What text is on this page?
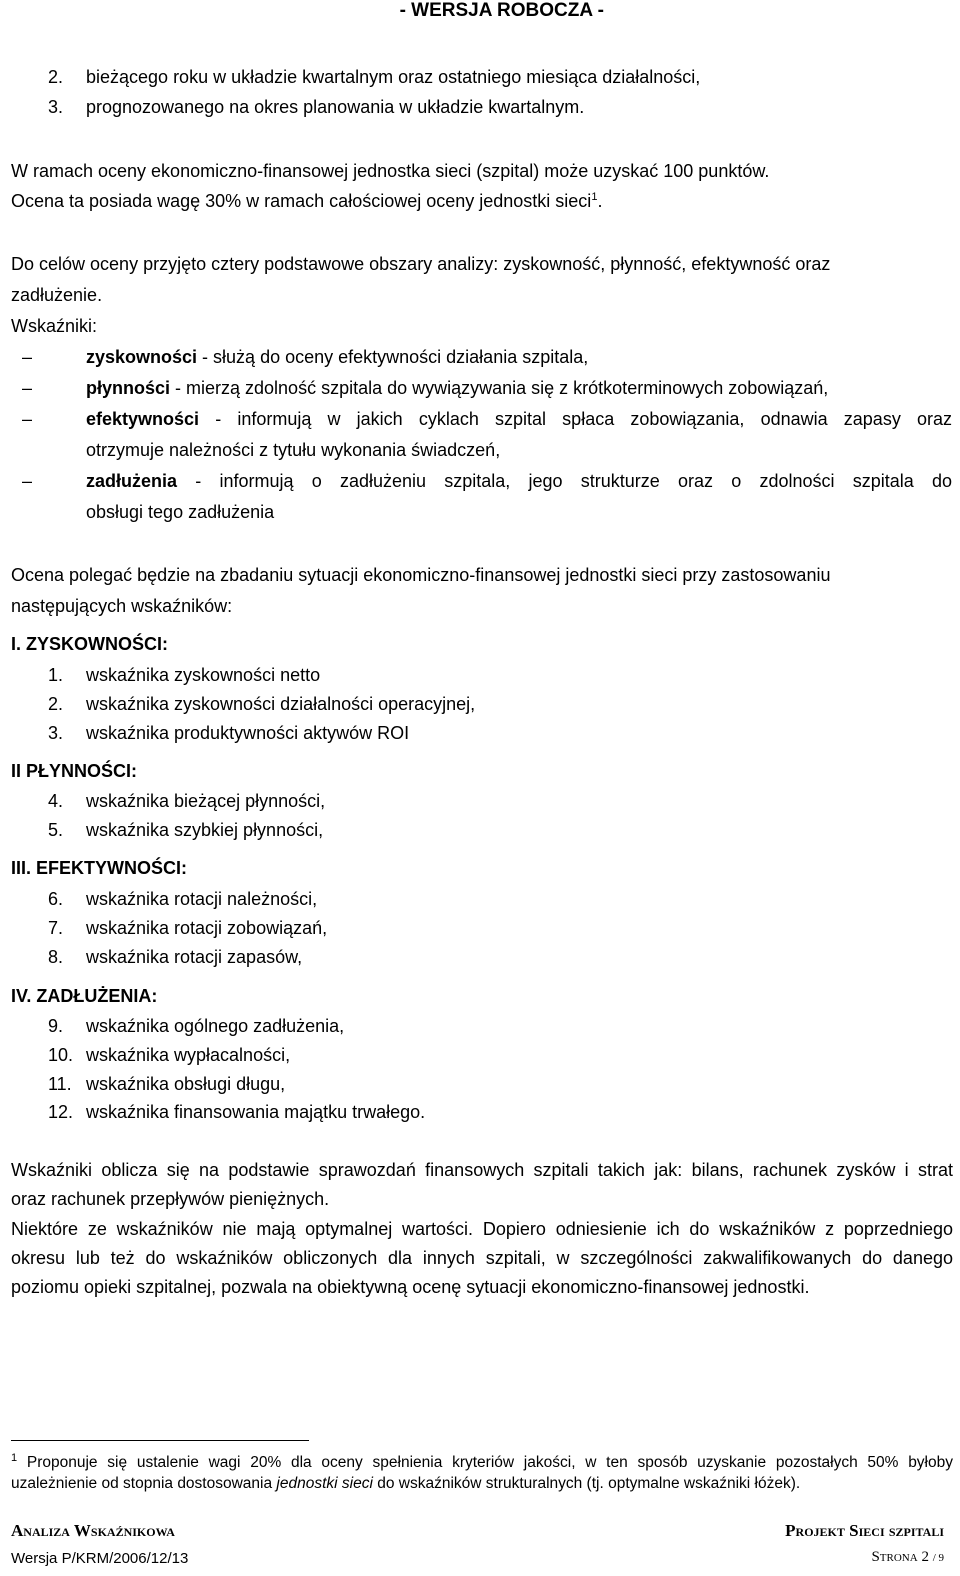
- WERSJA ROBOCZA -
2. bieżącego roku w układzie kwartalnym oraz ostatniego miesiąca działalności,
3. prognozowanego na okres planowania w układzie kwartalnym.
W ramach oceny ekonomiczno-finansowej jednostka sieci (szpital) może uzyskać 100 punktów.
Ocena ta posiada wagę 30% w ramach całościowej oceny jednostki sieci$^1$.
Do celów oceny przyjęto cztery podstawowe obszary analizy: zyskowność, płynność, efektywność oraz
zadłużenie.
Wskaźniki:
–	zyskowności - służą do oceny efektywności działania szpitala,
–	płynności - mierzą zdolność szpitala do wywiązywania się z krótkoterminowych zobowiązań,
–	efektywności - informują w jakich cyklach szpital spłaca zobowiązania, odnawia zapasy oraz
otrzymuje należności z tytułu wykonania świadczeń,
–	zadłużenia - informują o zadłużeniu szpitala, jego strukturze oraz o zdolności szpitala do
obsługi tego zadłużenia
Ocena polegać będzie na zbadaniu sytuacji ekonomiczno-finansowej jednostki sieci przy zastosowaniu
następujących wskaźników:
I. ZYSKOWNOŚCI:
1. wskaźnika zyskowności netto
2. wskaźnika zyskowności działalności operacyjnej,
3. wskaźnika produktywności aktywów ROI
II PŁYNNOŚCI:
4. wskaźnika bieżącej płynności,
5. wskaźnika szybkiej płynności,
III. EFEKTYWNOŚCI:
6. wskaźnika rotacji należności,
7. wskaźnika rotacji zobowiązań,
8. wskaźnika rotacji zapasów,
IV. ZADŁUŻENIA:
9. wskaźnika ogólnego zadłużenia,
10. wskaźnika wypłacalności,
11. wskaźnika obsługi długu,
12. wskaźnika finansowania majątku trwałego.
Wskaźniki oblicza się na podstawie sprawozdań finansowych szpitali takich jak: bilans, rachunek zysków i strat
oraz rachunek przepływów pieniężnych.
Niektóre ze wskaźników nie mają optymalnej wartości. Dopiero odniesienie ich do wskaźników z poprzedniego
okresu lub też do wskaźników obliczonych dla innych szpitali, w szczególności zakwalifikowanych do danego
poziomu opieki szpitalnej, pozwala na obiektywną ocenę sytuacji ekonomiczno-finansowej jednostki.
$^1$ Proponuje się ustalenie wagi 20% dla oceny spełnienia kryteriów jakości, w ten sposób uzyskanie pozostałych 50% byłoby
uzależnienie od stopnia dostosowania jednostki sieci do wskaźników strukturalnych (tj. optymalne wskaźniki łóżek).
Analiza Wskaźnikowa
Wersja P/KRM/2006/12/13
Projekt Sieci szpitali
Strona 2 / 9
